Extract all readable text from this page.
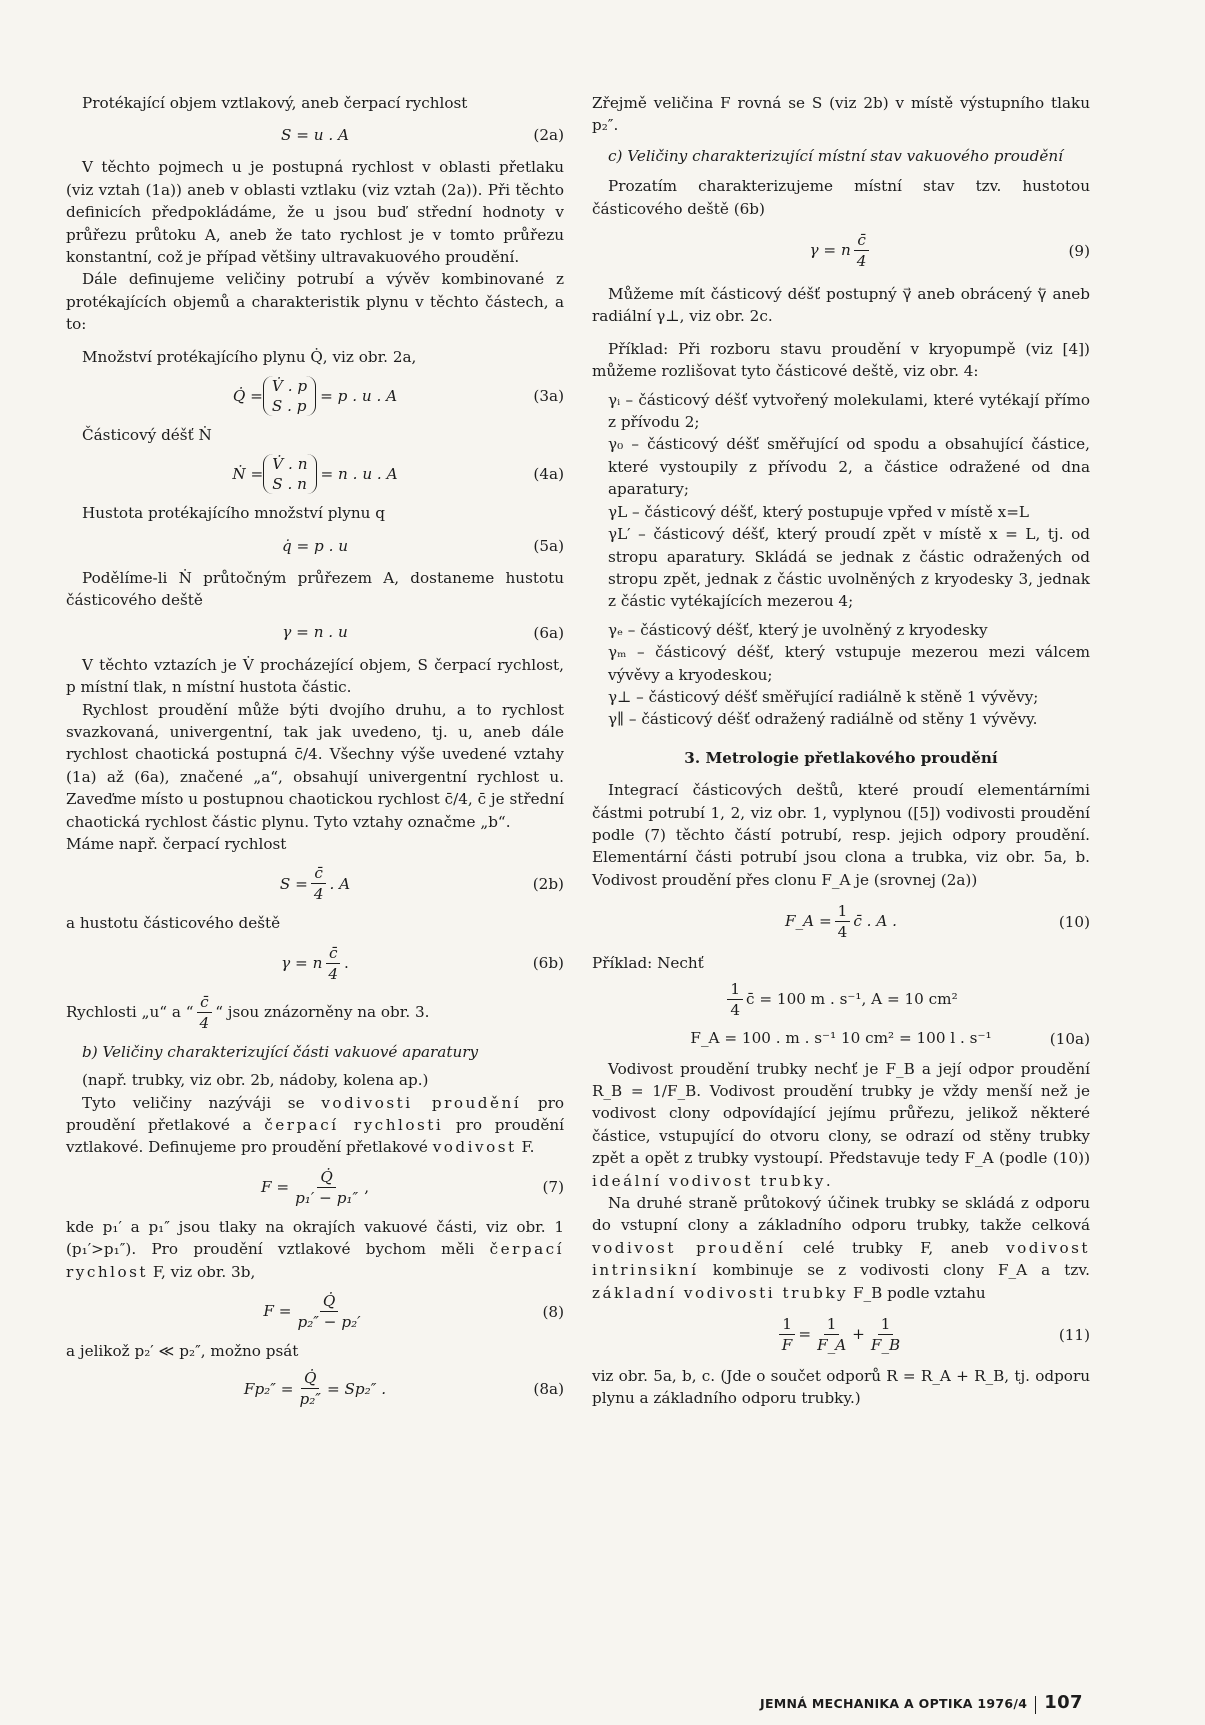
Protékající objem vztlakový, aneb čerpací rychlost

S = u . A	(2a)

V těchto pojmech u je postupná rychlost v oblasti přetlaku (viz vztah (1a)) aneb v oblasti vztlaku (viz vztah (2a)). Při těchto definicích předpokládáme, že u jsou buď střední hodnoty v průřezu průtoku A, aneb že tato rychlost je v tomto průřezu konstantní, což je případ většiny ultravakuového proudění.

Dále definujeme veličiny potrubí a vývěv kombinované z protékajících objemů a charakteristik plynu v těchto částech, a to:

Množství protékajícího plynu Q̇, viz obr. 2a,

Q̇ =
V̇ . p
S . p
= p . u . A	(3a)

Částicový déšť Ṅ

Ṅ =
V̇ . n
S . n
= n . u . A	(4a)

Hustota protékajícího množství plynu q

q̇ = p . u	(5a)

Podělíme-li Ṅ průtočným průřezem A, dostaneme hustotu částicového deště

γ = n . u	(6a)

V těchto vztazích je V̇ procházející objem, S čerpací rychlost, p místní tlak, n místní hustota částic.

Rychlost proudění může býti dvojího druhu, a to rychlost svazkovaná, univergentní, tak jak uvedeno, tj. u, aneb dále rychlost chaotická postupná c̄/4. Všechny výše uvedené vztahy (1a) až (6a), značené „a“, obsahují univergentní rychlost u. Zaveďme místo u postupnou chaotickou rychlost c̄/4, c̄ je střední chaotická rychlost částic plynu. Tyto vztahy označme „b“.

Máme např. čerpací rychlost

$S = \frac{c̄}{4}$ . A	(2b)

a hustotu částicového deště

γ = n $\frac{c̄}{4}$ .	(6b)

Rychlosti „u“ a “ $\frac{c̄}{4}$ “ jsou znázorněny na obr. 3.

b) Veličiny charakterizující části vakuové aparatury

(např. trubky, viz obr. 2b, nádoby, kolena ap.)

Tyto veličiny nazýváji se vodivosti proudění pro proudění přetlakové a čerpací rychlosti pro proudění vztlakové. Definujeme pro proudění přetlakové vodivost F.

$F = \frac{Q̇}{\text{p₁′ − p₁″}}$ ,	(7)

kde p₁′ a p₁″ jsou tlaky na okrajích vakuové části, viz obr. 1 (p₁′>p₁″). Pro proudění vztlakové bychom měli čerpací rychlost F, viz obr. 3b,

$F = \frac{Q̇}{\text{p₂″ − p₂′}}$	(8)

a jelikož p₂′ ≪ p₂″, možno psát

$Fp_2'' = \frac{Q̇}{\text{p₂″}} = Sp_2''$ .	(8a)

Zřejmě veličina F rovná se S (viz 2b) v místě výstupního tlaku p₂″.

c) Veličiny charakterizující místní stav vakuového proudění

Prozatím charakterizujeme místní stav tzv. hustotou částicového deště (6b)

γ = n $\frac{c̄}{4}$	(9)

Můžeme mít částicový déšť postupný γ⃗ aneb obrácený γ⃖ aneb radiální γ⊥, viz obr. 2c.

Příklad: Při rozboru stavu proudění v kryopumpě (viz [4]) můžeme rozlišovat tyto částicové deště, viz obr. 4:

γᵢ – částicový déšť vytvořený molekulami, které vytékají přímo z přívodu 2;

γ₀ – částicový déšť směřující od spodu a obsahující částice, které vystoupily z přívodu 2, a částice odražené od dna aparatury;

γL – částicový déšť, který postupuje vpřed v místě x=L

γL′ – částicový déšť, který proudí zpět v místě x = L, tj. od stropu aparatury. Skládá se jednak z částic odražených od stropu zpět, jednak z částic uvolněných z kryodesky 3, jednak z částic vytékajících mezerou 4;

γₑ – částicový déšť, který je uvolněný z kryodesky

γₘ – částicový déšť, který vstupuje mezerou mezi válcem vývěvy a kryodeskou;

γ⊥ – částicový déšť směřující radiálně k stěně 1 vývěvy;

γ∥ – částicový déšť odražený radiálně od stěny 1 vývěvy.

3. Metrologie přetlakového proudění

Integrací částicových deštů, které proudí elementárními částmi potrubí 1, 2, viz obr. 1, vyplynou ([5]) vodivosti proudění podle (7) těchto částí potrubí, resp. jejich odpory proudění. Elementární části potrubí jsou clona a trubka, viz obr. 5a, b. Vodivost proudění přes clonu F_A je (srovnej (2a))

F_A = $\frac{1}{4}$ c̄ . A .	(10)

Příklad: Nechť

$\frac{1}{4}$ c̄ = 100 m . s⁻¹, A = 10 cm²
F_A = 100 . m . s⁻¹ 10 cm² = 100 l . s⁻¹	(10a)

Vodivost proudění trubky nechť je F_B a její odpor proudění R_B = 1/F_B. Vodivost proudění trubky je vždy menší než je vodivost clony odpovídající jejímu průřezu, jelikož některé částice, vstupující do otvoru clony, se odrazí od stěny trubky zpět a opět z trubky vystoupí. Představuje tedy F_A (podle (10)) ideální vodivost trubky.

Na druhé straně průtokový účinek trubky se skládá z odporu do vstupní clony a základního odporu trubky, takže celková vodivost proudění celé trubky F, aneb vodivost intrinsikní kombinuje se z vodivosti clony F_A a tzv. základní vodivosti trubky F_B podle vztahu

$\frac{1}{F} = \frac{1}{F\_A} + \frac{1}{F\_B}$	(11)

viz obr. 5a, b, c. (Jde o součet odporů R = R_A + R_B, tj. odporu plynu a základního odporu trubky.)

JEMNÁ MECHANIKA A OPTIKA 1976/4 107
